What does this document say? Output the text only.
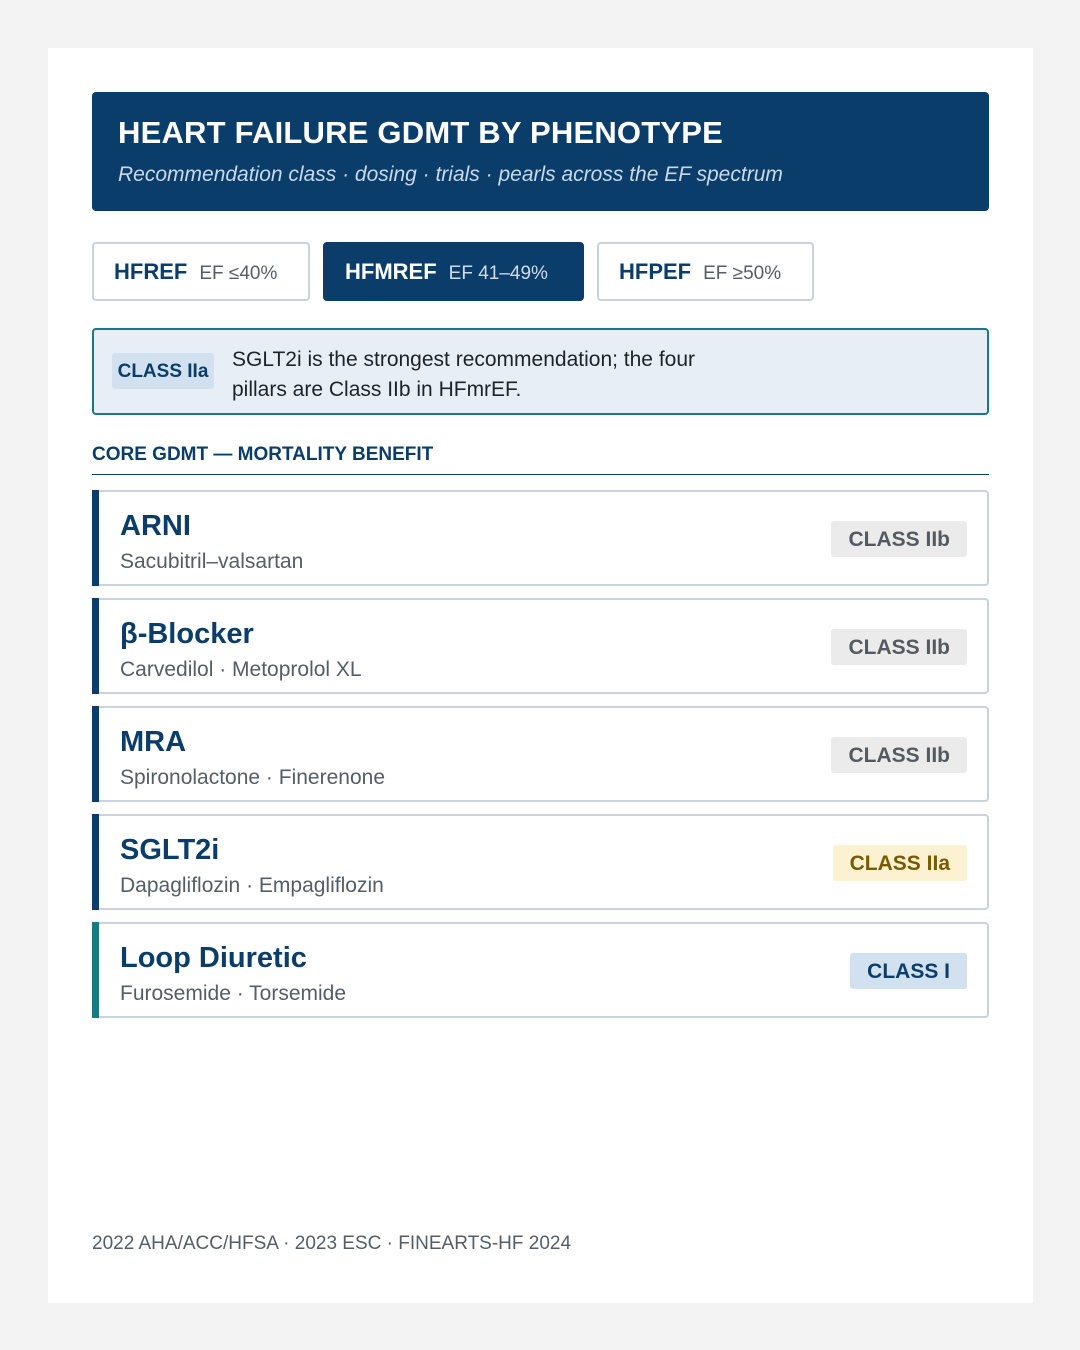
HEART FAILURE GDMT BY PHENOTYPE
Recommendation class · dosing · trials · pearls across the EF spectrum
HFREF EF ≤40%	HFMREF EF 41–49%	HFPEF EF ≥50%
CLASS IIa SGLT2i is the strongest recommendation; the four pillars are Class IIb in HFmrEF.
CORE GDMT — MORTALITY BENEFIT
ARNI
Sacubitril–valsartan
CLASS IIb
β-Blocker
Carvedilol · Metoprolol XL
CLASS IIb
MRA
Spironolactone · Finerenone
CLASS IIb
SGLT2i
Dapagliflozin · Empagliflozin
CLASS IIa
Loop Diuretic
Furosemide · Torsemide
CLASS I
2022 AHA/ACC/HFSA · 2023 ESC · FINEARTS-HF 2024
